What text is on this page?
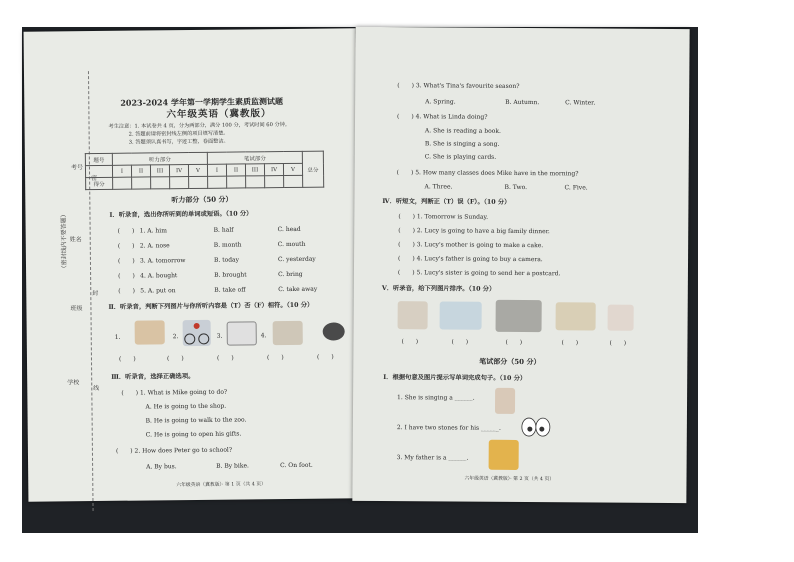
考号
姓名
班级
学校
密
封
线
（密封线内不要答题）
2023-2024 学年第一学期学生素质监测试题
六年级英语（冀教版）
考生注意：1. 本试卷共 4 页，分为两部分，满分 100 分，考试时间 60 分钟。
2. 答题前请将密封线左侧的项目填写清楚。
3. 答题须认真书写，字迹工整，卷面整洁。
题号	听力部分					笔试部分					总分
	I	II	III	IV	V	I	II	III	IV	V	
得分											
听力部分（50 分）
Ⅰ．听录音，选出你所听到的单词或短语。（10 分）
(　　) 1. A. him	B. half	C. head
(　　) 2. A. nose	B. month	C. mouth
(　　) 3. A. tomorrow	B. today	C. yesterday
(　　) 4. A. bought	B. brought	C. bring
(　　) 5. A. put on	B. take off	C. take away
Ⅱ．听录音，判断下列图片与你所听内容是（T）否（F）相符。（10 分）
1.	2.	3.	4.
(　　)	(　　)	(　　)	(　　)	(　　)
Ⅲ．听录音，选择正确选项。
(　　) 1. What is Mike going to do?
A. He is going to the shop.
B. He is going to walk to the zoo.
C. He is going to open his gifts.
(　　) 2. How does Peter go to school?
A. By bus.	B. By bike.	C. On foot.
六年级英语（冀教版）· 第 1 页（共 4 页）
(　　) 3. What's Tina's favourite season?
A. Spring.	B. Autumn.	C. Winter.
(　　) 4. What is Linda doing?
A. She is reading a book.
B. She is singing a song.
C. She is playing cards.
(　　) 5. How many classes does Mike have in the morning?
A. Three.	B. Two.	C. Five.
Ⅳ．听短文，判断正（T）误（F）。（10 分）
(　　) 1. Tomorrow is Sunday.
(　　) 2. Lucy is going to have a big family dinner.
(　　) 3. Lucy's mother is going to make a cake.
(　　) 4. Lucy's father is going to buy a camera.
(　　) 5. Lucy's sister is going to send her a postcard.
Ⅴ．听录音，给下列图片排序。（10 分）
(　　)	(　　)	(　　)	(　　)	(　　)
笔试部分（50 分）
Ⅰ．根据句意及图片提示写单词完成句子。（10 分）
1. She is singing a ______.
2. I have two stones for his ______.
3. My father is a ______.
六年级英语（冀教版）· 第 2 页（共 4 页）
